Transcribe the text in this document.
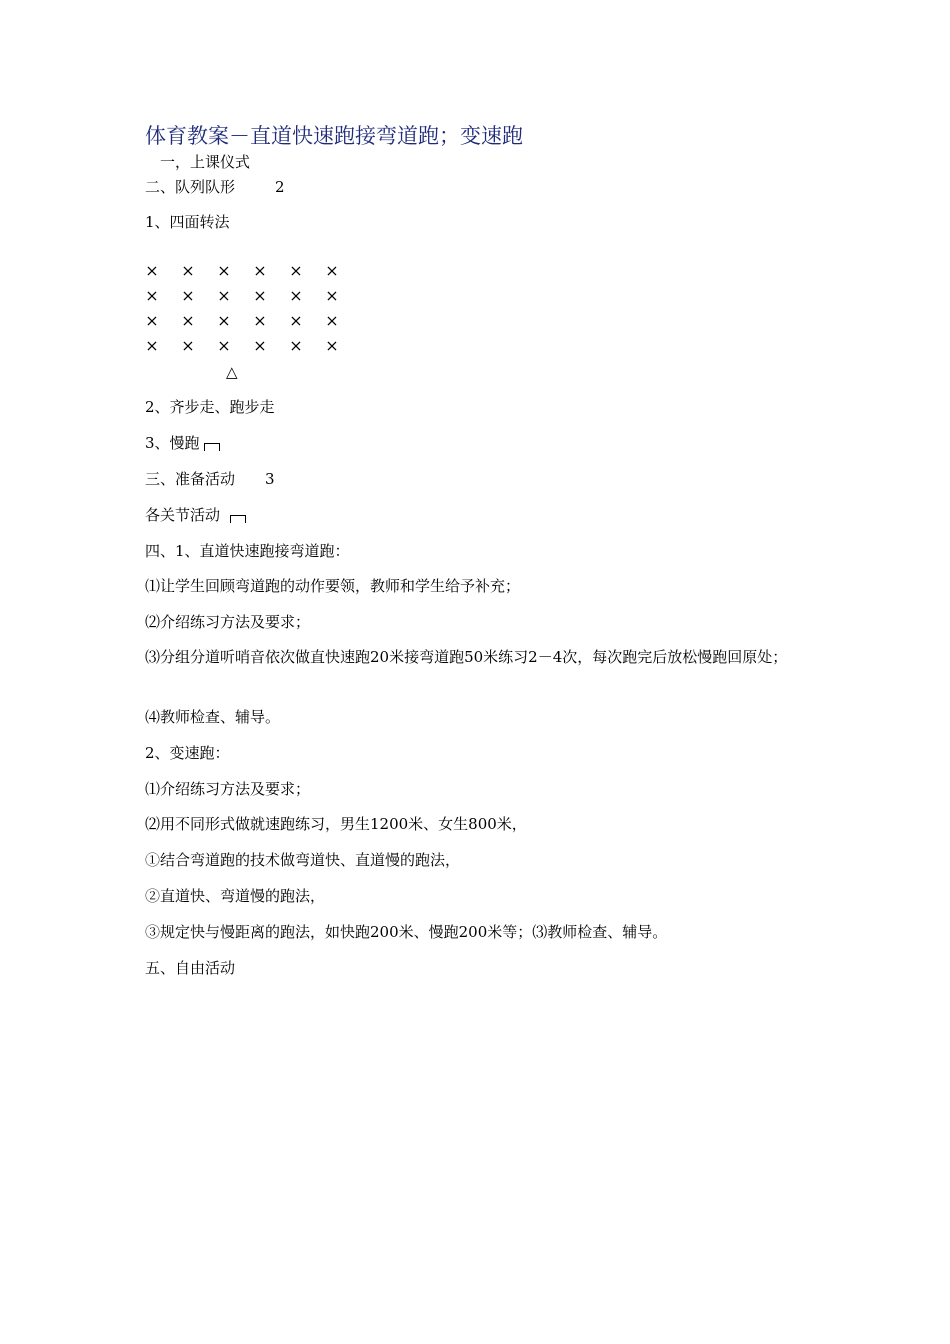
体育教案－直道快速跑接弯道跑；变速跑
一，上课仪式
二、队列队形	2
1、四面转法
× × × × × ×
× × × × × ×
× × × × × ×
× × × × × ×
△
2、齐步走、跑步走
3、慢跑
三、准备活动 3
各关节活动
四、1、直道快速跑接弯道跑：
⑴让学生回顾弯道跑的动作要领，教师和学生给予补充；
⑵介绍练习方法及要求；
⑶分组分道听哨音依次做直快速跑20米接弯道跑50米练习2－4次，每次跑完后放松慢跑回原处；
⑷教师检查、辅导。
2、变速跑：
⑴介绍练习方法及要求；
⑵用不同形式做就速跑练习，男生1200米、女生800米，
①结合弯道跑的技术做弯道快、直道慢的跑法，
②直道快、弯道慢的跑法，
③规定快与慢距离的跑法，如快跑200米、慢跑200米等；⑶教师检查、辅导。
五、自由活动
